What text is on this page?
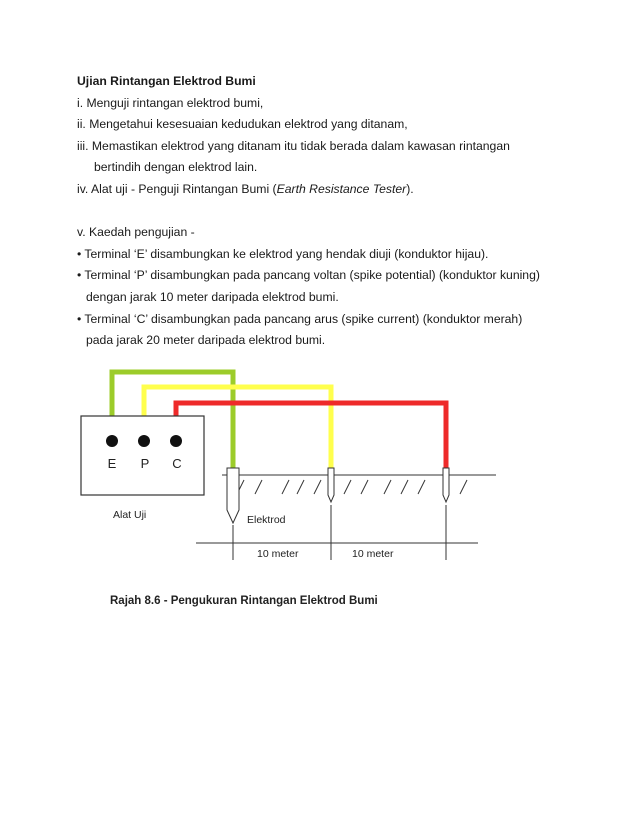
Ujian Rintangan Elektrod Bumi
i. Menguji rintangan elektrod bumi,
ii. Mengetahui kesesuaian kedudukan elektrod yang ditanam,
iii. Memastikan elektrod yang ditanam itu tidak berada dalam kawasan rintangan
bertindih dengan elektrod lain.
iv. Alat uji - Penguji Rintangan Bumi (Earth Resistance Tester).
v. Kaedah pengujian -
• Terminal ‘E’ disambungkan ke elektrod yang hendak diuji (konduktor hijau).
• Terminal ‘P’ disambungkan pada pancang voltan (spike potential) (konduktor kuning)
dengan jarak 10 meter daripada elektrod bumi.
• Terminal ‘C’ disambungkan pada pancang arus (spike current) (konduktor merah)
pada jarak 20 meter daripada elektrod bumi.
E P C
Alat Uji	Elektrod
10 meter	10 meter
Rajah 8.6 - Pengukuran Rintangan Elektrod Bumi
